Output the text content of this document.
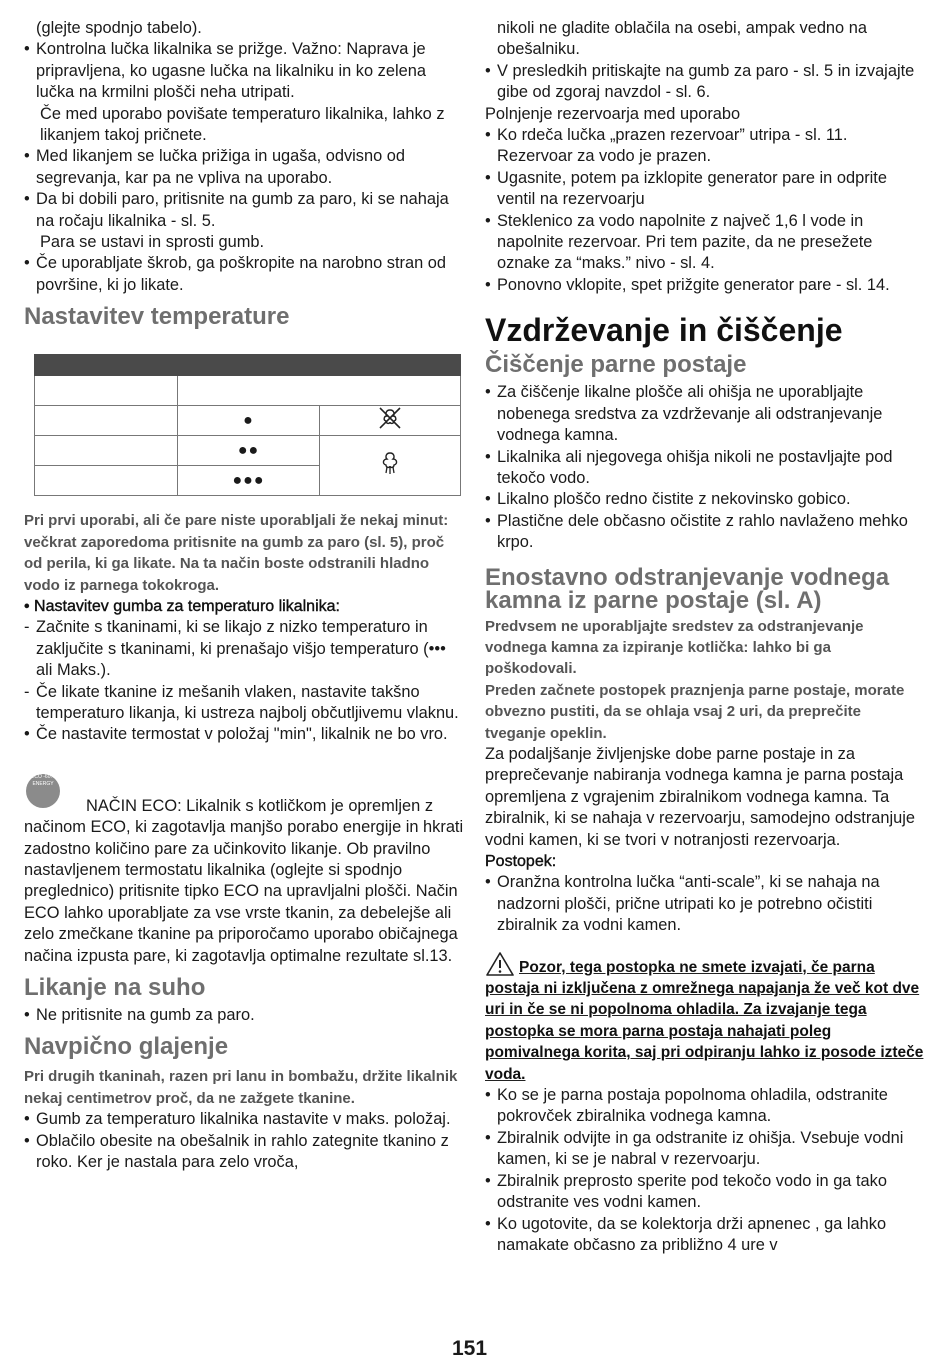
(glejte spodnjo tabelo).

• Kontrolna lučka likalnika se prižge. Važno: Naprava je pripravljena, ko ugasne lučka na likalniku in ko zelena lučka na krmilni plošči neha utripati.

Če med uporabo povišate temperaturo likalnika, lahko z likanjem takoj pričnete.

• Med likanjem se lučka prižiga in ugaša, odvisno od segrevanja, kar pa ne vpliva na uporabo.
• Da bi dobili paro, pritisnite na gumb za paro, ki se nahaja na ročaju likalnika - sl. 5.

Para se ustavi in sprosti gumb.

• Če uporabljate škrob, ga poškropite na narobno stran od površine, ki jo likate.

Nastavitev temperature

	●	
	●●	
	●●●	

Pri prvi uporabi, ali če pare niste uporabljali že nekaj minut: večkrat zaporedoma pritisnite na gumb za paro (sl. 5), proč od perila, ki ga likate. Na ta način boste odstranili hladno vodo iz parnega tokokroga.

• Nastavitev gumba za temperaturo likalnika:

- Začnite s tkaninami, ki se likajo z nizko temperaturo in zaključite s tkaninami, ki prenašajo višjo temperaturo (••• ali Maks.).
- Če likate tkanine iz mešanih vlaken, nastavite takšno temperaturo likanja, ki ustreza najbolj občutljivemu vlaknu.
• Če nastavite termostat v položaj "min", likalnik ne bo vro.
ECO -60% ENERGY

NAČIN ECO: Likalnik s kotličkom je opremljen z načinom ECO, ki zagotavlja manjšo porabo energije in hkrati zadostno količino pare za učinkovito likanje. Ob pravilno nastavljenem termostatu likalnika (oglejte si spodnjo preglednico) pritisnite tipko ECO na upravljalni plošči. Način ECO lahko uporabljate za vse vrste tkanin, za debelejše ali zelo zmečkane tkanine pa priporočamo uporabo običajnega načina izpusta pare, ki zagotavlja optimalne rezultate sl.13.

Likanje na suho

• Ne pritisnite na gumb za paro.

Navpično glajenje

Pri drugih tkaninah, razen pri lanu in bombažu, držite likalnik nekaj centimetrov proč, da ne zažgete tkanine.

• Gumb za temperaturo likalnika nastavite v maks. položaj.
• Oblačilo obesite na obešalnik in rahlo zategnite tkanino z roko. Ker je nastala para zelo vroča,

nikoli ne gladite oblačila na osebi, ampak vedno na obešalniku.

• V presledkih pritiskajte na gumb za paro - sl. 5 in izvajajte gibe od zgoraj navzdol - sl. 6.

Polnjenje rezervoarja med uporabo

• Ko rdeča lučka „prazen rezervoar” utripa - sl. 11. Rezervoar za vodo je prazen.
• Ugasnite, potem pa izklopite generator pare in odprite ventil na rezervoarju
• Steklenico za vodo napolnite z največ 1,6 l vode in napolnite rezervoar. Pri tem pazite, da ne presežete oznake za “maks.” nivo - sl. 4.
• Ponovno vklopite, spet prižgite generator pare - sl. 14.

Vzdrževanje in čiščenje

Čiščenje parne postaje

• Za čiščenje likalne plošče ali ohišja ne uporabljajte nobenega sredstva za vzdrževanje ali odstranjevanje vodnega kamna.
• Likalnika ali njegovega ohišja nikoli ne postavljajte pod tekočo vodo.
• Likalno ploščo redno čistite z nekovinsko gobico.
• Plastične dele občasno očistite z rahlo navlaženo mehko krpo.

Enostavno odstranjevanje vodnega kamna iz parne postaje (sl. A)

Predvsem ne uporabljajte sredstev za odstranjevanje vodnega kamna za izpiranje kotlička: lahko bi ga poškodovali.

Preden začnete postopek praznjenja parne postaje, morate obvezno pustiti, da se ohlaja vsaj 2 uri, da preprečite tveganje opeklin.

Za podaljšanje življenjske dobe parne postaje in za preprečevanje nabiranja vodnega kamna je parna postaja opremljena z vgrajenim zbiralnikom vodnega kamna. Ta zbiralnik, ki se nahaja v rezervoarju, samodejno odstranjuje vodni kamen, ki se tvori v notranjosti rezervoarja.

Postopek:

• Oranžna kontrolna lučka “anti-scale”, ki se nahaja na nadzorni plošči, prične utripati ko je potrebno očistiti zbiralnik za vodni kamen.

Pozor, tega postopka ne smete izvajati, če parna postaja ni izključena z omrežnega napajanja že več kot dve uri in če se ni popolnoma ohladila. Za izvajanje tega postopka se mora parna postaja nahajati poleg pomivalnega korita, saj pri odpiranju lahko iz posode izteče voda.

• Ko se je parna postaja popolnoma ohladila, odstranite pokrovček zbiralnika vodnega kamna.
• Zbiralnik odvijte in ga odstranite iz ohišja. Vsebuje vodni kamen, ki se je nabral v rezervoarju.
• Zbiralnik preprosto sperite pod tekočo vodo in ga tako odstranite ves vodni kamen.
• Ko ugotovite, da se kolektorja drži apnenec , ga lahko namakate občasno za približno 4 ure v
151
